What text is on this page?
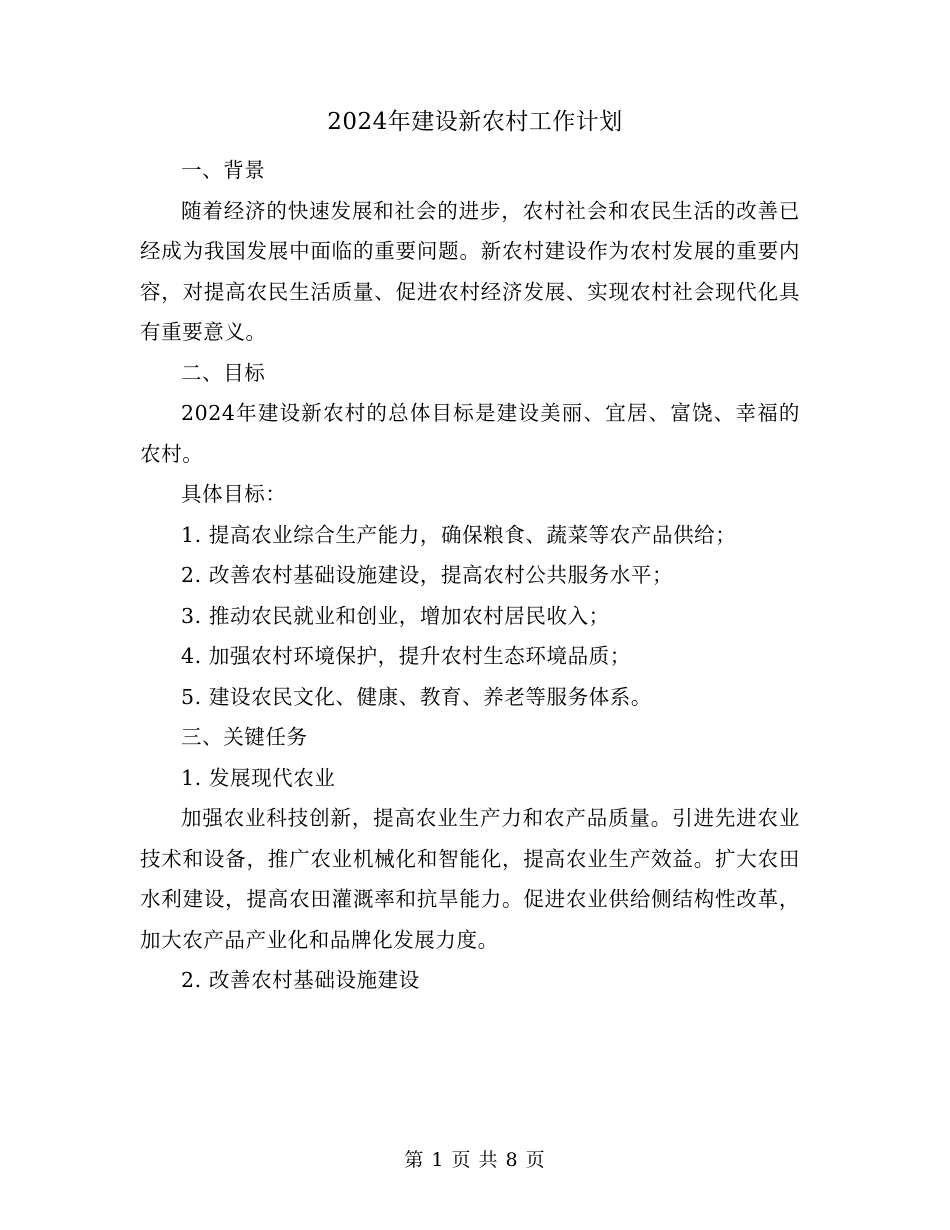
2024年建设新农村工作计划

一、背景

随着经济的快速发展和社会的进步，农村社会和农民生活的改善已经成为我国发展中面临的重要问题。新农村建设作为农村发展的重要内容，对提高农民生活质量、促进农村经济发展、实现农村社会现代化具有重要意义。

二、目标

2024年建设新农村的总体目标是建设美丽、宜居、富饶、幸福的农村。

具体目标：

1. 提高农业综合生产能力，确保粮食、蔬菜等农产品供给；

2. 改善农村基础设施建设，提高农村公共服务水平；

3. 推动农民就业和创业，增加农村居民收入；

4. 加强农村环境保护，提升农村生态环境品质；

5. 建设农民文化、健康、教育、养老等服务体系。

三、关键任务

1. 发展现代农业

加强农业科技创新，提高农业生产力和农产品质量。引进先进农业技术和设备，推广农业机械化和智能化，提高农业生产效益。扩大农田水利建设，提高农田灌溉率和抗旱能力。促进农业供给侧结构性改革，加大农产品产业化和品牌化发展力度。

2. 改善农村基础设施建设

第 1 页 共 8 页
